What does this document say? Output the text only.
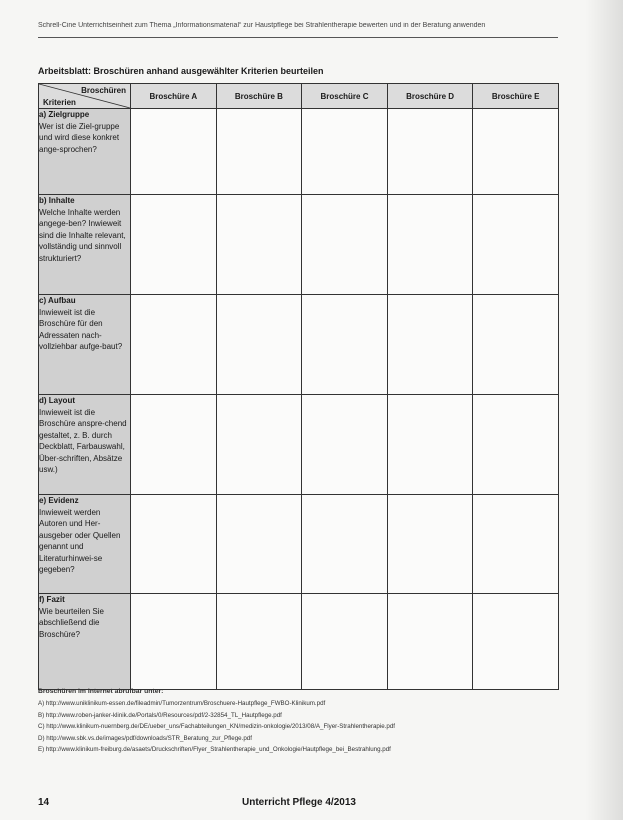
Schrell-Cine Unterrichtseinheit zum Thema „Informationsmaterial“ zur Haustpflege bei Strahlentherapie bewerten und in der Beratung anwenden
Arbeitsblatt: Broschüren anhand ausgewählter Kriterien beurteilen
Broschüren
Kriterien	Broschüre A	Broschüre B	Broschüre C	Broschüre D	Broschüre E

a) Zielgruppe
Wer ist die Ziel-gruppe und wird diese konkret ange-sprochen?					

b) Inhalte
Welche Inhalte werden angege-ben? Inwieweit sind die Inhalte relevant, vollständig und sinnvoll strukturiert?					

c) Aufbau
Inwieweit ist die Broschüre für den Adressaten nach-vollziehbar aufge-baut?					

d) Layout
Inwieweit ist die Broschüre anspre-chend gestaltet, z. B. durch Deckblatt, Farbauswahl, Über-schriften, Absätze usw.)					

e) Evidenz
Inwieweit werden Autoren und Her-ausgeber oder Quellen genannt und Literaturhinwei-se gegeben?					

f) Fazit
Wie beurteilen Sie abschließend die Broschüre?					

Broschüren im Internet abrufbar unter:
A) http://www.uniklinikum-essen.de/fileadmin/Tumorzentrum/Broschuere-Hautpflege_FWBO-Klinikum.pdf
B) http://www.roben-janker-klinik.de/Portals/0/Resources/pdf/2-32854_TL_Hautpflege.pdf
C) http://www.klinikum-nuernberg.de/DE/ueber_uns/Fachabteilungen_KN/medizin-onkologie/2013/08/A_Flyer-Strahlentherapie.pdf
D) http://www.sbk.vs.de/images/pdf/downloads/STR_Beratung_zur_Pflege.pdf
E) http://www.klinikum-freiburg.de/asaets/Druckschriften/Flyer_Strahlentherapie_und_Onkologie/Hautpflege_bei_Bestrahlung.pdf
14	Unterricht Pflege 4/2013
